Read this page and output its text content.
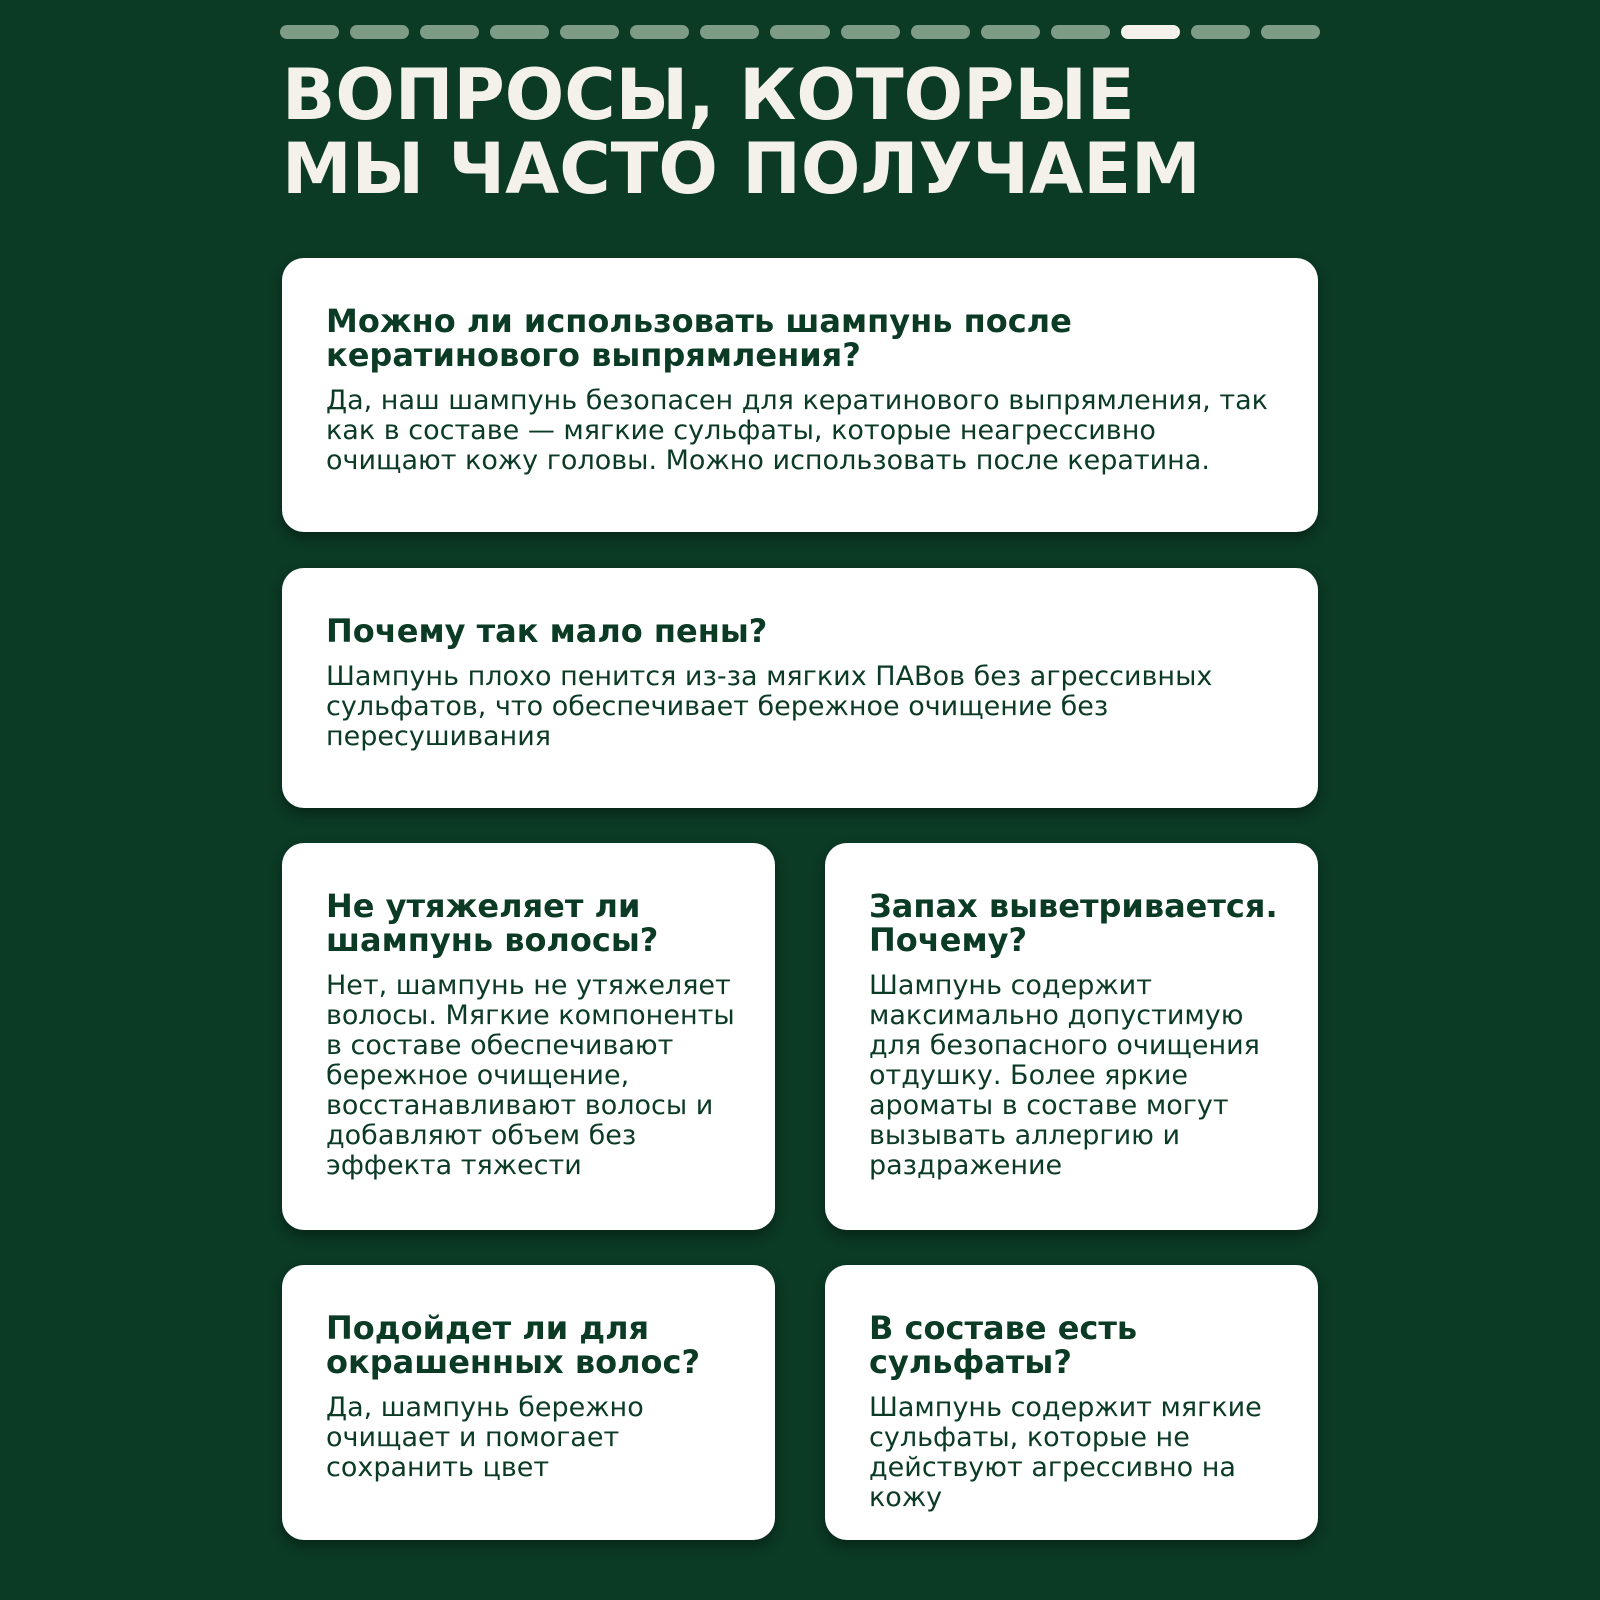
ВОПРОСЫ, КОТОРЫЕ
МЫ ЧАСТО ПОЛУЧАЕМ

Можно ли использовать шампунь после кератинового выпрямления?

Да, наш шампунь безопасен для кератинового выпрямления, так как в составе — мягкие сульфаты, которые неагрессивно очищают кожу головы. Можно использовать после кератина.

Почему так мало пены?

Шампунь плохо пенится из-за мягких ПАВов без агрессивных сульфатов, что обеспечивает бережное очищение без пересушивания

Не утяжеляет ли шампунь волосы?

Нет, шампунь не утяжеляет волосы. Мягкие компоненты в составе обеспечивают бережное очищение, восстанавливают волосы и добавляют объем без эффекта тяжести

Запах выветривается. Почему?

Шампунь содержит максимально допустимую для безопасного очищения отдушку. Более яркие ароматы в составе могут вызывать аллергию и раздражение

Подойдет ли для окрашенных волос?

Да, шампунь бережно очищает и помогает сохранить цвет

В составе есть сульфаты?

Шампунь содержит мягкие сульфаты, которые не действуют агрессивно на кожу
